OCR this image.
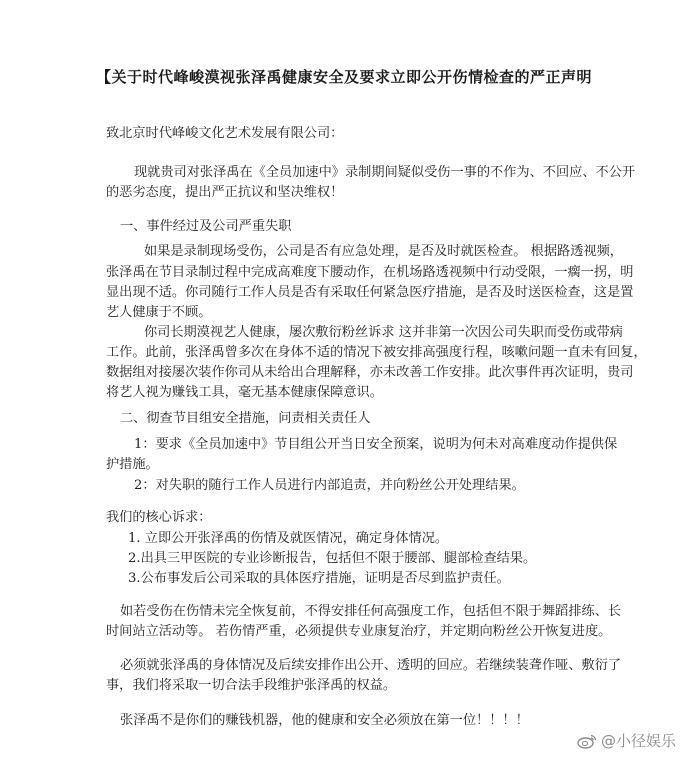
【关于时代峰峻漠视张泽禹健康安全及要求立即公开伤情检查的严正声明
致北京时代峰峻文化艺术发展有限公司：
现就贵司对张泽禹在《全员加速中》录制期间疑似受伤一事的不作为、不回应、不公开
的恶劣态度，提出严正抗议和坚决维权！
一、事件经过及公司严重失职
如果是录制现场受伤，公司是否有应急处理，是否及时就医检查。 根据路透视频，
张泽禹在节目录制过程中完成高难度下腰动作，在机场路透视频中行动受限，一瘸一拐，明
显出现不适。你司随行工作人员是否有采取任何紧急医疗措施，是否及时送医检查，这是置
艺人健康于不顾。
你司长期漠视艺人健康，屡次敷衍粉丝诉求 这并非第一次因公司失职而受伤或带病
工作。此前，张泽禹曾多次在身体不适的情况下被安排高强度行程，咳嗽问题一直未有回复，
数据组对接屡次装作你司从未给出合理解释，亦未改善工作安排。此次事件再次证明，贵司
将艺人视为赚钱工具，毫无基本健康保障意识。
二、彻查节目组安全措施，问责相关责任人
1：要求《全员加速中》节目组公开当日安全预案，说明为何未对高难度动作提供保
护措施。
2：对失职的随行工作人员进行内部追责，并向粉丝公开处理结果。
我们的核心诉求：
1. 立即公开张泽禹的伤情及就医情况，确定身体情况。
2.出具三甲医院的专业诊断报告，包括但不限于腰部、腿部检查结果。
3.公布事发后公司采取的具体医疗措施，证明是否尽到监护责任。
如若受伤在伤情未完全恢复前，不得安排任何高强度工作，包括但不限于舞蹈排练、长
时间站立活动等。 若伤情严重，必须提供专业康复治疗，并定期向粉丝公开恢复进度。
必须就张泽禹的身体情况及后续安排作出公开、透明的回应。若继续装聋作哑、敷衍了
事，我们将采取一切合法手段维护张泽禹的权益。
张泽禹不是你们的赚钱机器，他的健康和安全必须放在第一位！！！！
@小径娱乐
